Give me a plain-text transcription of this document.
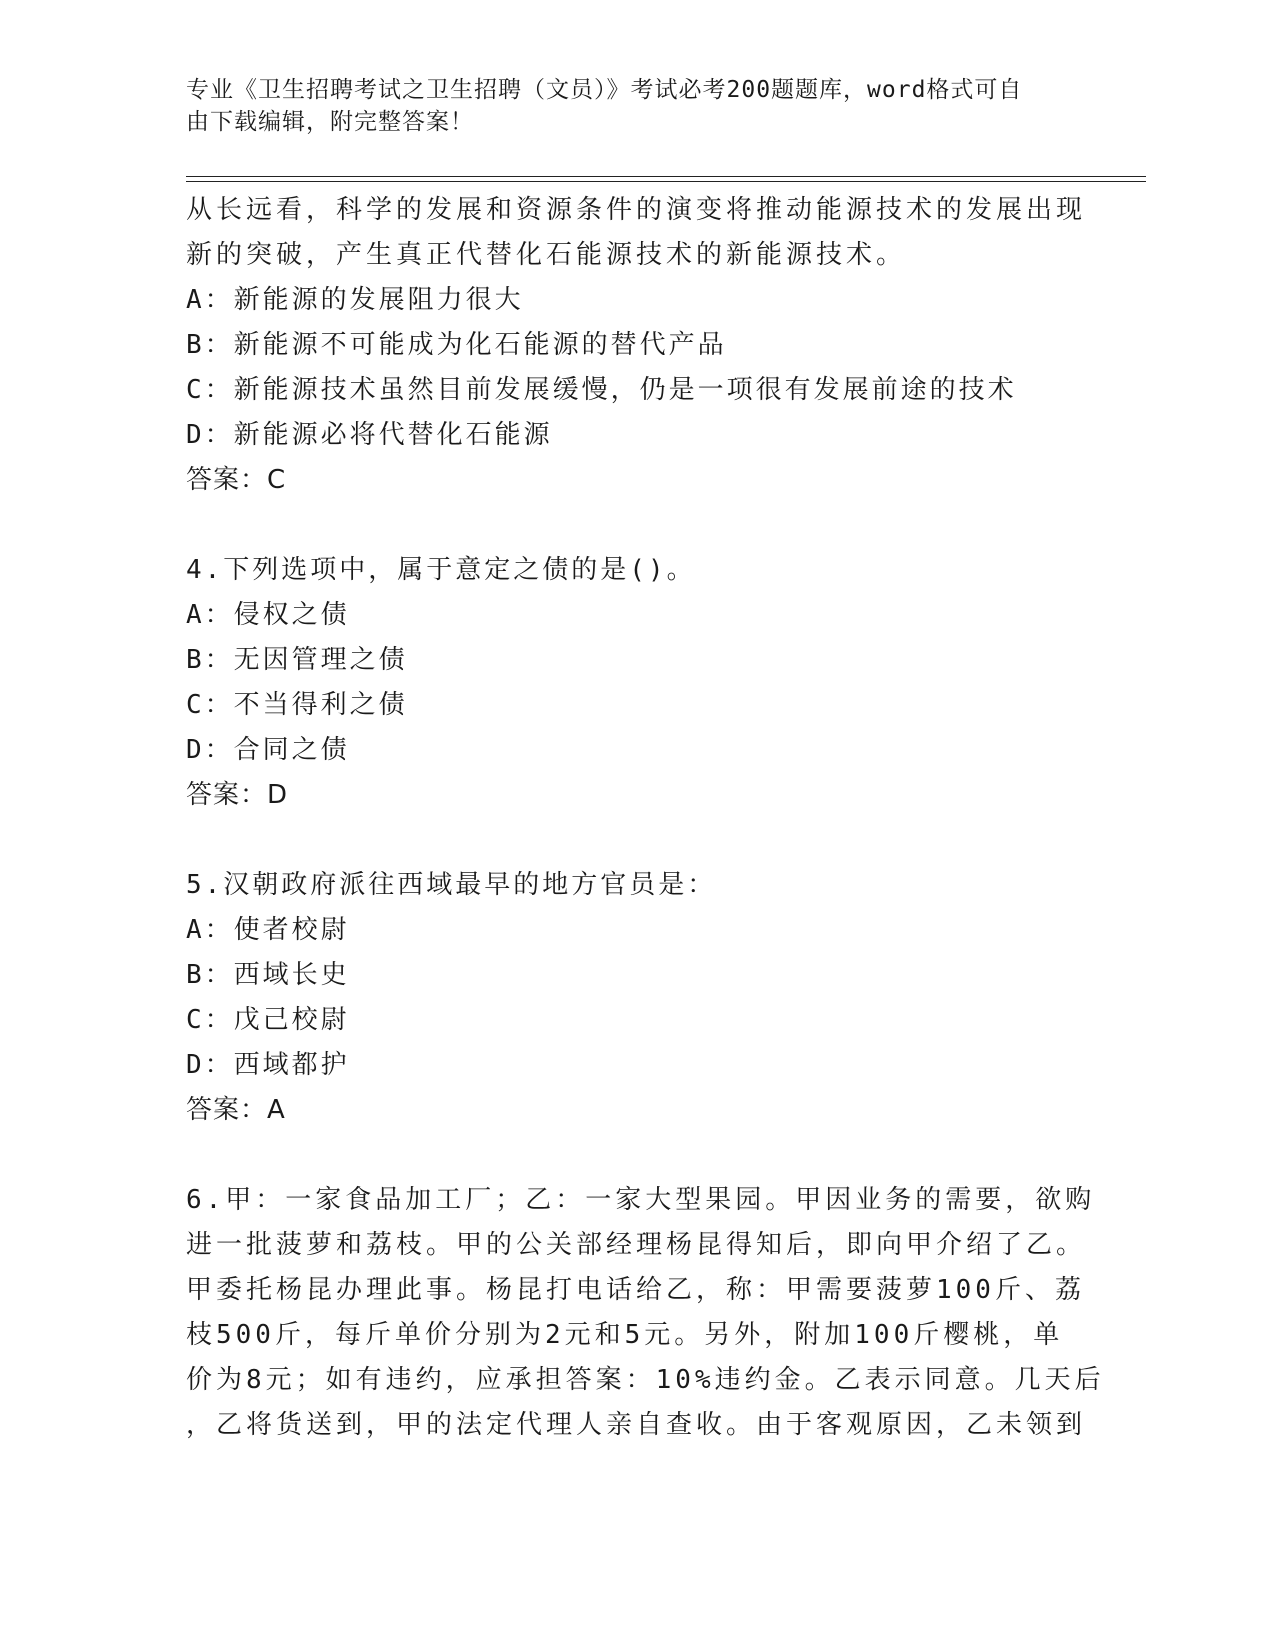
专业《卫生招聘考试之卫生招聘（文员）》考试必考200题题库，word格式可自
由下载编辑，附完整答案！
从长远看，科学的发展和资源条件的演变将推动能源技术的发展出现
新的突破，产生真正代替化石能源技术的新能源技术。
A：新能源的发展阻力很大
B：新能源不可能成为化石能源的替代产品
C：新能源技术虽然目前发展缓慢，仍是一项很有发展前途的技术
D：新能源必将代替化石能源
答案：C
4.下列选项中，属于意定之债的是()。
A：侵权之债
B：无因管理之债
C：不当得利之债
D：合同之债
答案：D
5.汉朝政府派往西域最早的地方官员是：
A：使者校尉
B：西域长史
C：戊己校尉
D：西域都护
答案：A
6.甲：一家食品加工厂；乙：一家大型果园。甲因业务的需要，欲购
进一批菠萝和荔枝。甲的公关部经理杨昆得知后，即向甲介绍了乙。
甲委托杨昆办理此事。杨昆打电话给乙，称：甲需要菠萝100斤、荔
枝500斤，每斤单价分别为2元和5元。另外，附加100斤樱桃，单
价为8元；如有违约，应承担答案：10%违约金。乙表示同意。几天后
，乙将货送到，甲的法定代理人亲自查收。由于客观原因，乙未领到
